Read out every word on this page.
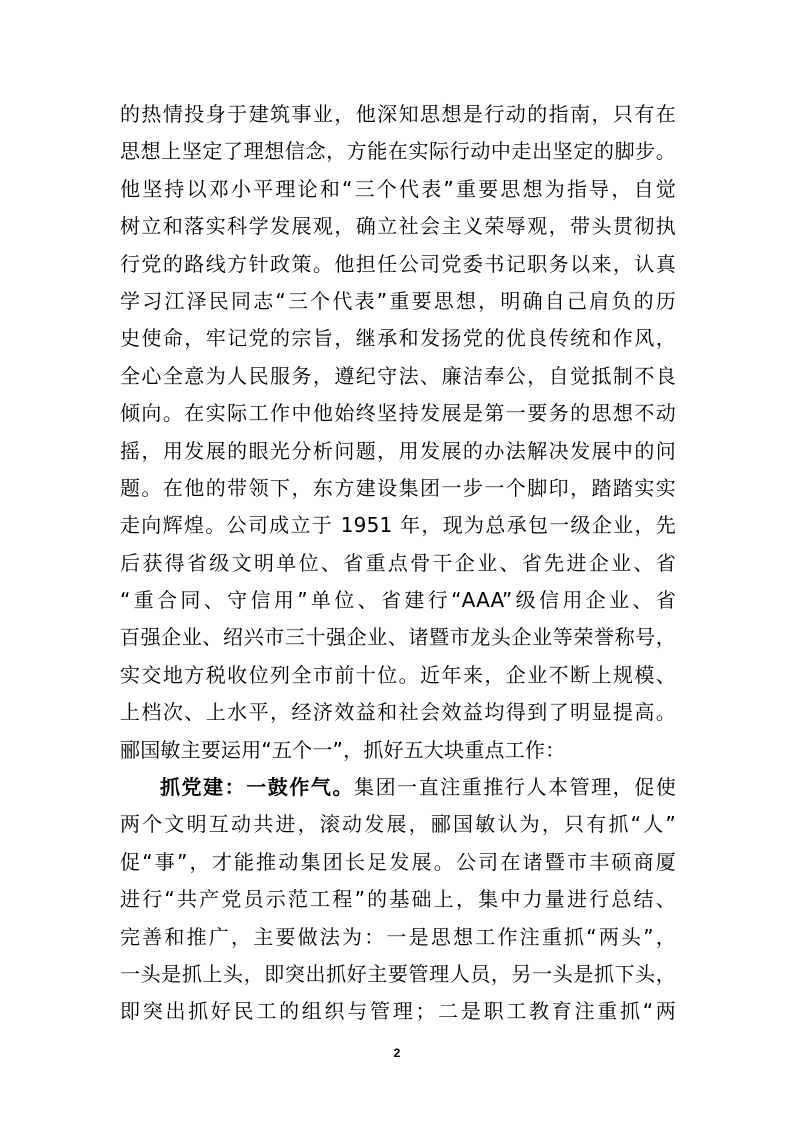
的热情投身于建筑事业，他深知思想是行动的指南，只有在
思想上坚定了理想信念，方能在实际行动中走出坚定的脚步。
他坚持以邓小平理论和“三个代表”重要思想为指导，自觉
树立和落实科学发展观，确立社会主义荣辱观，带头贯彻执
行党的路线方针政策。他担任公司党委书记职务以来，认真
学习江泽民同志“三个代表”重要思想，明确自己肩负的历
史使命，牢记党的宗旨，继承和发扬党的优良传统和作风，
全心全意为人民服务，遵纪守法、廉洁奉公，自觉抵制不良
倾向。在实际工作中他始终坚持发展是第一要务的思想不动
摇，用发展的眼光分析问题，用发展的办法解决发展中的问
题。在他的带领下，东方建设集团一步一个脚印，踏踏实实
走向辉煌。公司成立于 1951 年，现为总承包一级企业，先
后获得省级文明单位、省重点骨干企业、省先进企业、省
“重合同、守信用”单位、省建行“AAA”级信用企业、省
百强企业、绍兴市三十强企业、诸暨市龙头企业等荣誉称号，
实交地方税收位列全市前十位。近年来，企业不断上规模、
上档次、上水平，经济效益和社会效益均得到了明显提高。
郦国敏主要运用“五个一”，抓好五大块重点工作：
抓党建：一鼓作气。集团一直注重推行人本管理，促使
两个文明互动共进，滚动发展，郦国敏认为，只有抓“人”
促“事”，才能推动集团长足发展。公司在诸暨市丰硕商厦
进行“共产党员示范工程”的基础上，集中力量进行总结、
完善和推广，主要做法为：一是思想工作注重抓“两头”，
一头是抓上头，即突出抓好主要管理人员，另一头是抓下头，
即突出抓好民工的组织与管理；二是职工教育注重抓“两
2
